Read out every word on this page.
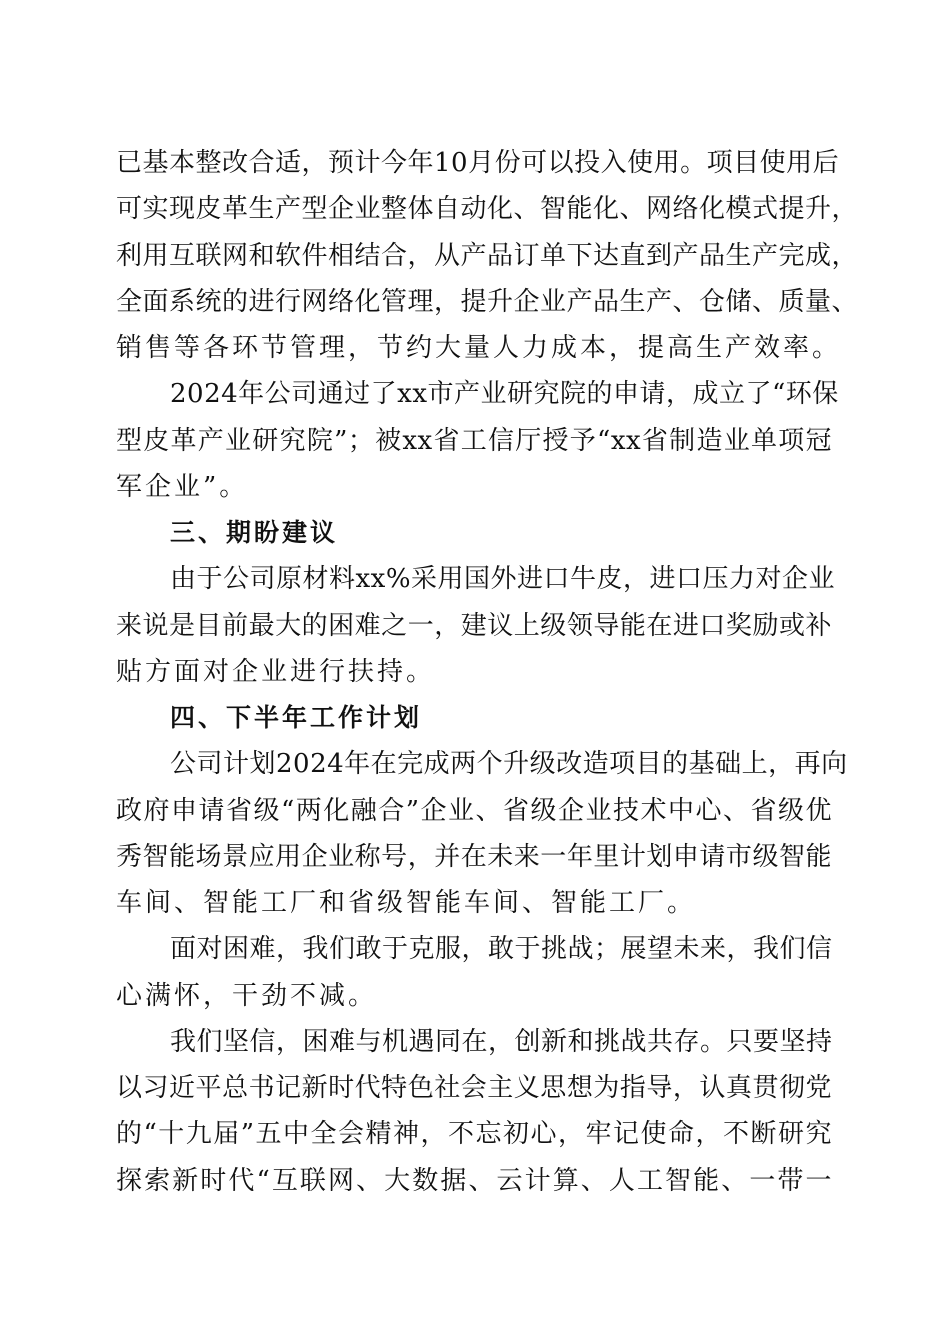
已基本整改合适，预计今年10月份可以投入使用。项目使用后
可实现皮革生产型企业整体自动化、智能化、网络化模式提升，
利用互联网和软件相结合，从产品订单下达直到产品生产完成，
全面系统的进行网络化管理，提升企业产品生产、仓储、质量、
销售等各环节管理，节约大量人力成本，提高生产效率。
2024年公司通过了xx市产业研究院的申请，成立了“环保
型皮革产业研究院”；被xx省工信厅授予“xx省制造业单项冠
军企业”。
三、期盼建议
由于公司原材料xx%采用国外进口牛皮，进口压力对企业
来说是目前最大的困难之一，建议上级领导能在进口奖励或补
贴方面对企业进行扶持。
四、下半年工作计划
公司计划2024年在完成两个升级改造项目的基础上，再向
政府申请省级“两化融合”企业、省级企业技术中心、省级优
秀智能场景应用企业称号，并在未来一年里计划申请市级智能
车间、智能工厂和省级智能车间、智能工厂。
面对困难，我们敢于克服，敢于挑战；展望未来，我们信
心满怀，干劲不减。
我们坚信，困难与机遇同在，创新和挑战共存。只要坚持
以习近平总书记新时代特色社会主义思想为指导，认真贯彻党
的“十九届”五中全会精神，不忘初心，牢记使命，不断研究
探索新时代“互联网、大数据、云计算、人工智能、一带一
